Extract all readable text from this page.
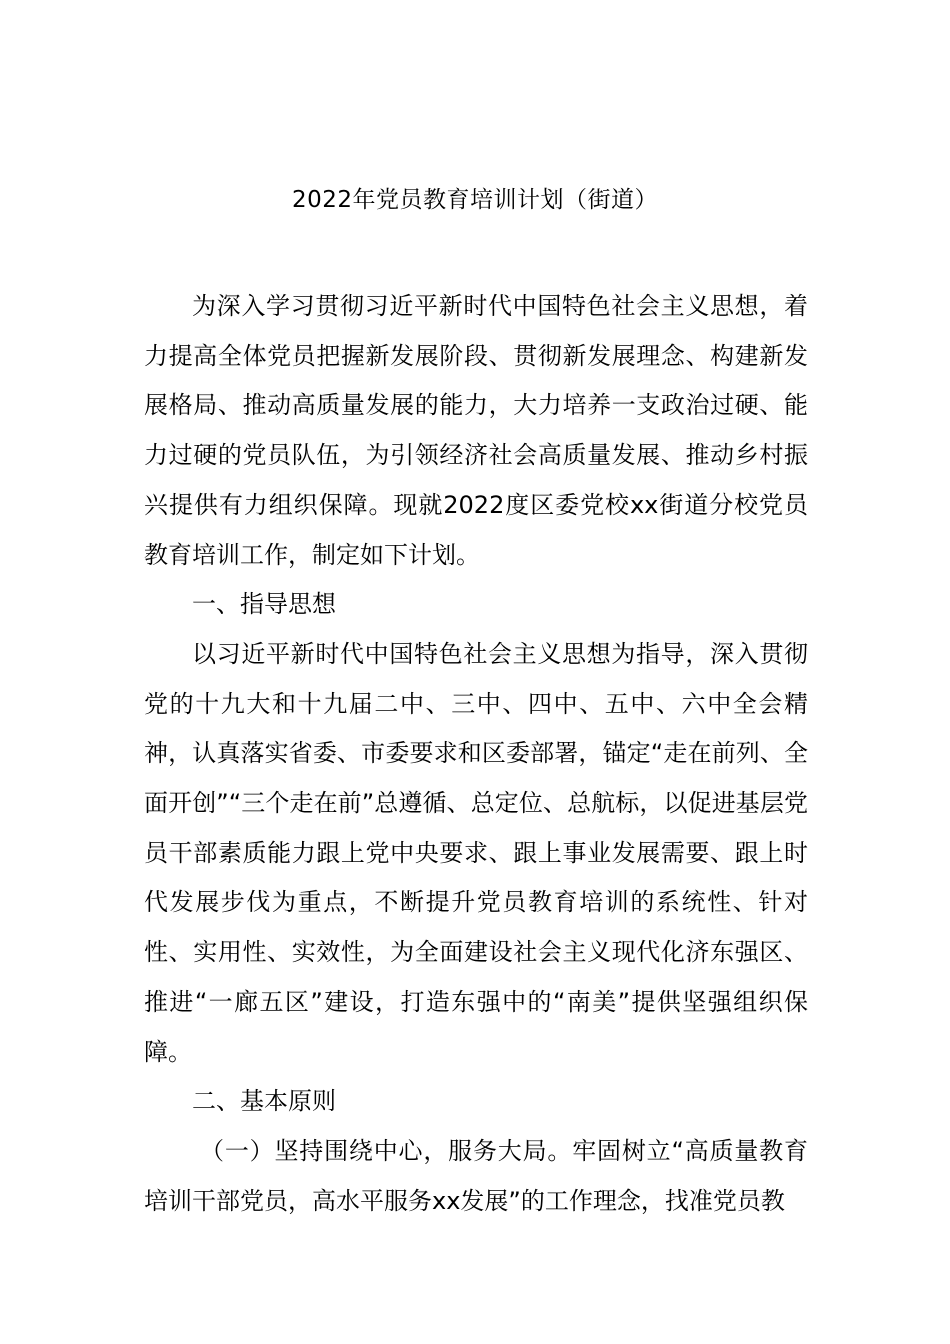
2022年党员教育培训计划（街道）

为深入学习贯彻习近平新时代中国特色社会主义思想，着力提高全体党员把握新发展阶段、贯彻新发展理念、构建新发展格局、推动高质量发展的能力，大力培养一支政治过硬、能力过硬的党员队伍，为引领经济社会高质量发展、推动乡村振兴提供有力组织保障。现就2022度区委党校xx街道分校党员教育培训工作，制定如下计划。

一、指导思想

以习近平新时代中国特色社会主义思想为指导，深入贯彻党的十九大和十九届二中、三中、四中、五中、六中全会精神，认真落实省委、市委要求和区委部署，锚定“走在前列、全面开创”“三个走在前”总遵循、总定位、总航标，以促进基层党员干部素质能力跟上党中央要求、跟上事业发展需要、跟上时代发展步伐为重点，不断提升党员教育培训的系统性、针对性、实用性、实效性，为全面建设社会主义现代化济东强区、推进“一廊五区”建设，打造东强中的“南美”提供坚强组织保障。

二、基本原则

（一）坚持围绕中心，服务大局。牢固树立“高质量教育培训干部党员，高水平服务xx发展”的工作理念，找准党员教
